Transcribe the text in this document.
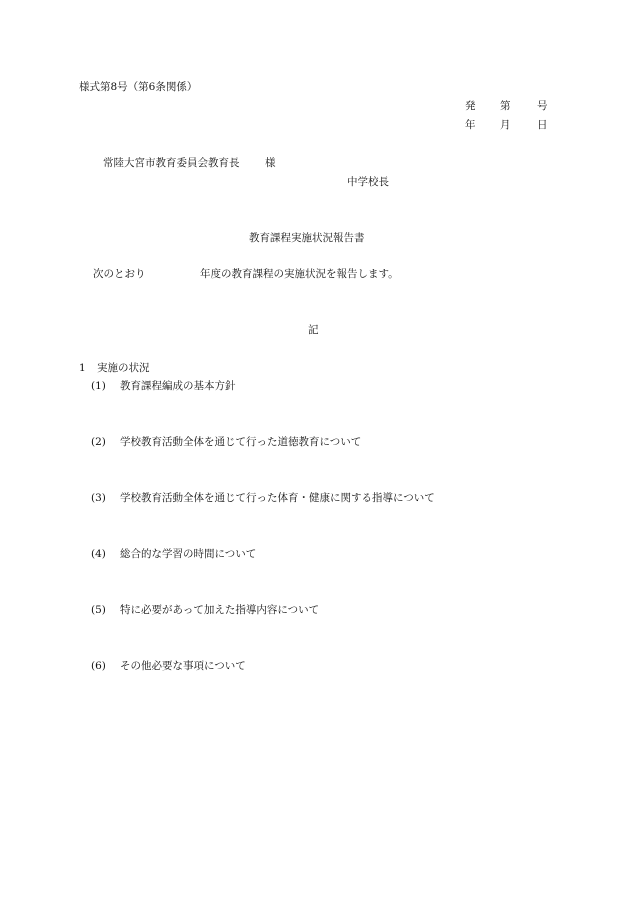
様式第8号（第6条関係）
発 第	号
年 月	日
常陸大宮市教育委員会教育長 様
中学校長
教育課程実施状況報告書
次のとおり	年度の教育課程の実施状況を報告します。
記
1 実施の状況
(1) 教育課程編成の基本方針
(2) 学校教育活動全体を通じて行った道徳教育について
(3) 学校教育活動全体を通じて行った体育・健康に関する指導について
(4) 総合的な学習の時間について
(5) 特に必要があって加えた指導内容について
(6) その他必要な事項について
